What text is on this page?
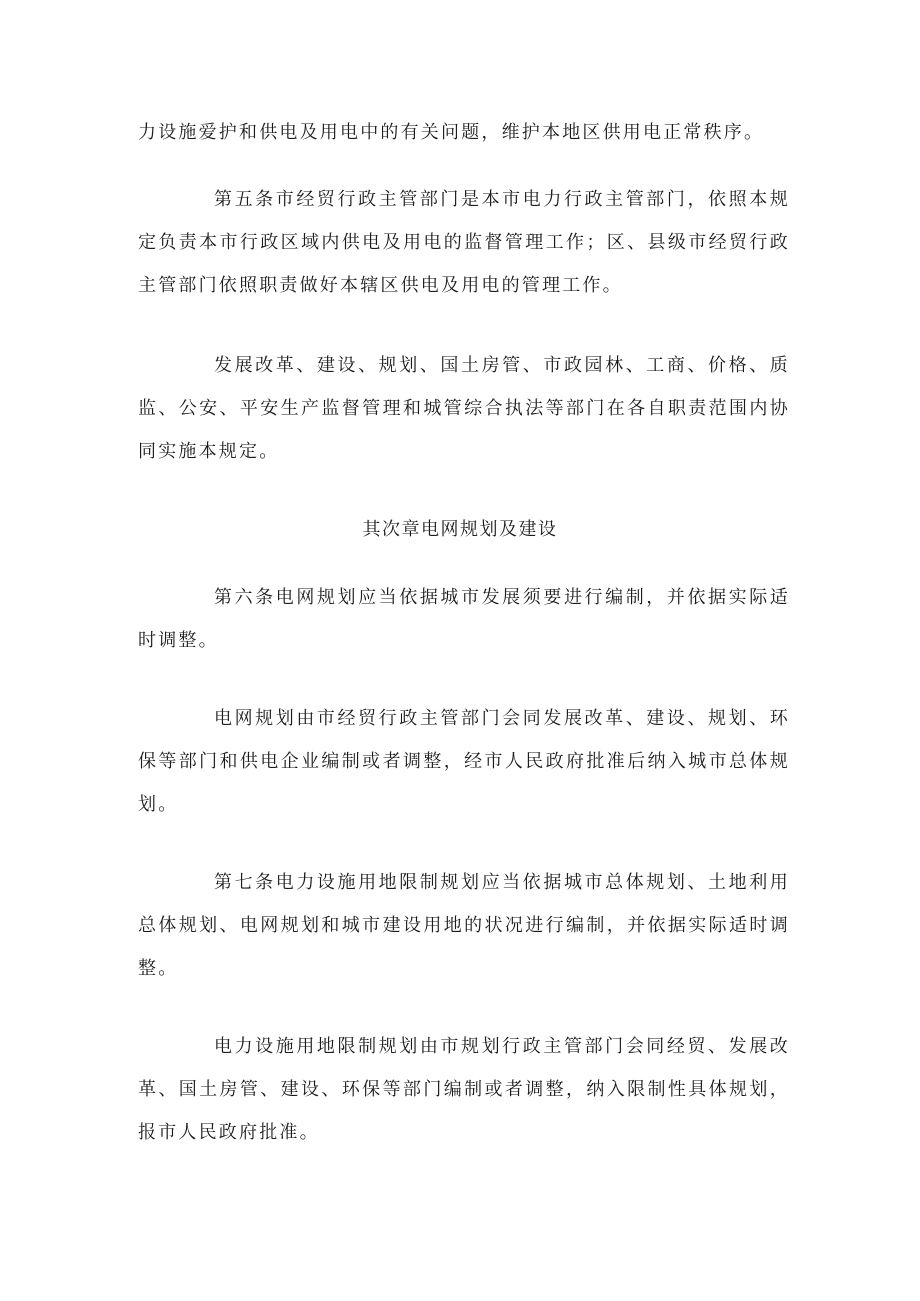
力设施爱护和供电及用电中的有关问题，维护本地区供用电正常秩序。

第五条市经贸行政主管部门是本市电力行政主管部门，依照本规定负责本市行政区域内供电及用电的监督管理工作；区、县级市经贸行政主管部门依照职责做好本辖区供电及用电的管理工作。

发展改革、建设、规划、国土房管、市政园林、工商、价格、质监、公安、平安生产监督管理和城管综合执法等部门在各自职责范围内协同实施本规定。

其次章电网规划及建设

第六条电网规划应当依据城市发展须要进行编制，并依据实际适时调整。

电网规划由市经贸行政主管部门会同发展改革、建设、规划、环保等部门和供电企业编制或者调整，经市人民政府批准后纳入城市总体规划。

第七条电力设施用地限制规划应当依据城市总体规划、土地利用总体规划、电网规划和城市建设用地的状况进行编制，并依据实际适时调整。

电力设施用地限制规划由市规划行政主管部门会同经贸、发展改革、国土房管、建设、环保等部门编制或者调整，纳入限制性具体规划，报市人民政府批准。
